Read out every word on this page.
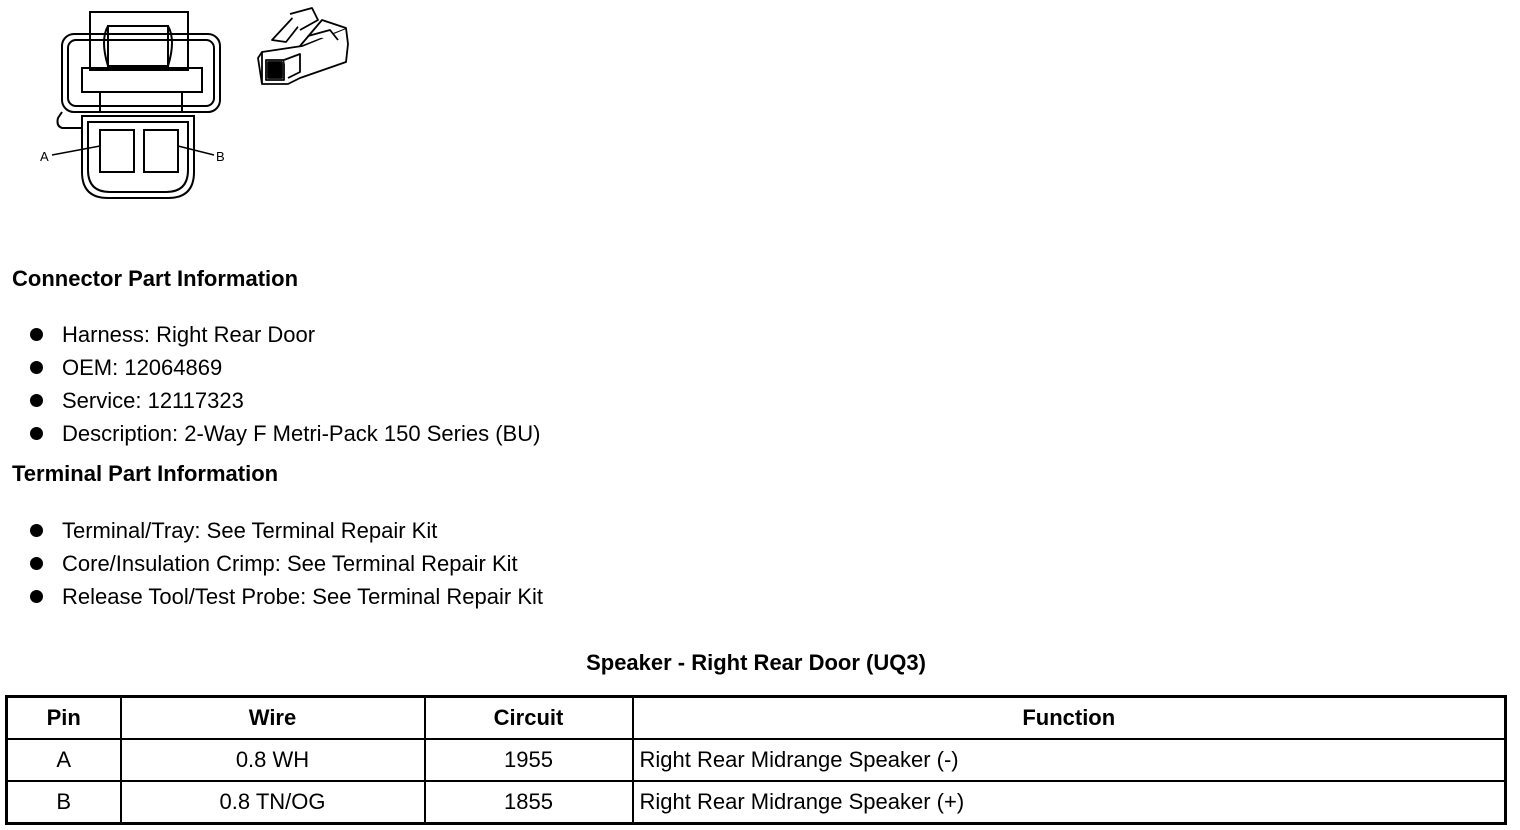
A	B
Connector Part Information
Harness: Right Rear Door
OEM: 12064869
Service: 12117323
Description: 2-Way F Metri-Pack 150 Series (BU)
Terminal Part Information
Terminal/Tray: See Terminal Repair Kit
Core/Insulation Crimp: See Terminal Repair Kit
Release Tool/Test Probe: See Terminal Repair Kit
Speaker - Right Rear Door (UQ3)
Pin	Wire	Circuit	Function
A	0.8 WH	1955	Right Rear Midrange Speaker (-)
B	0.8 TN/OG	1855	Right Rear Midrange Speaker (+)
